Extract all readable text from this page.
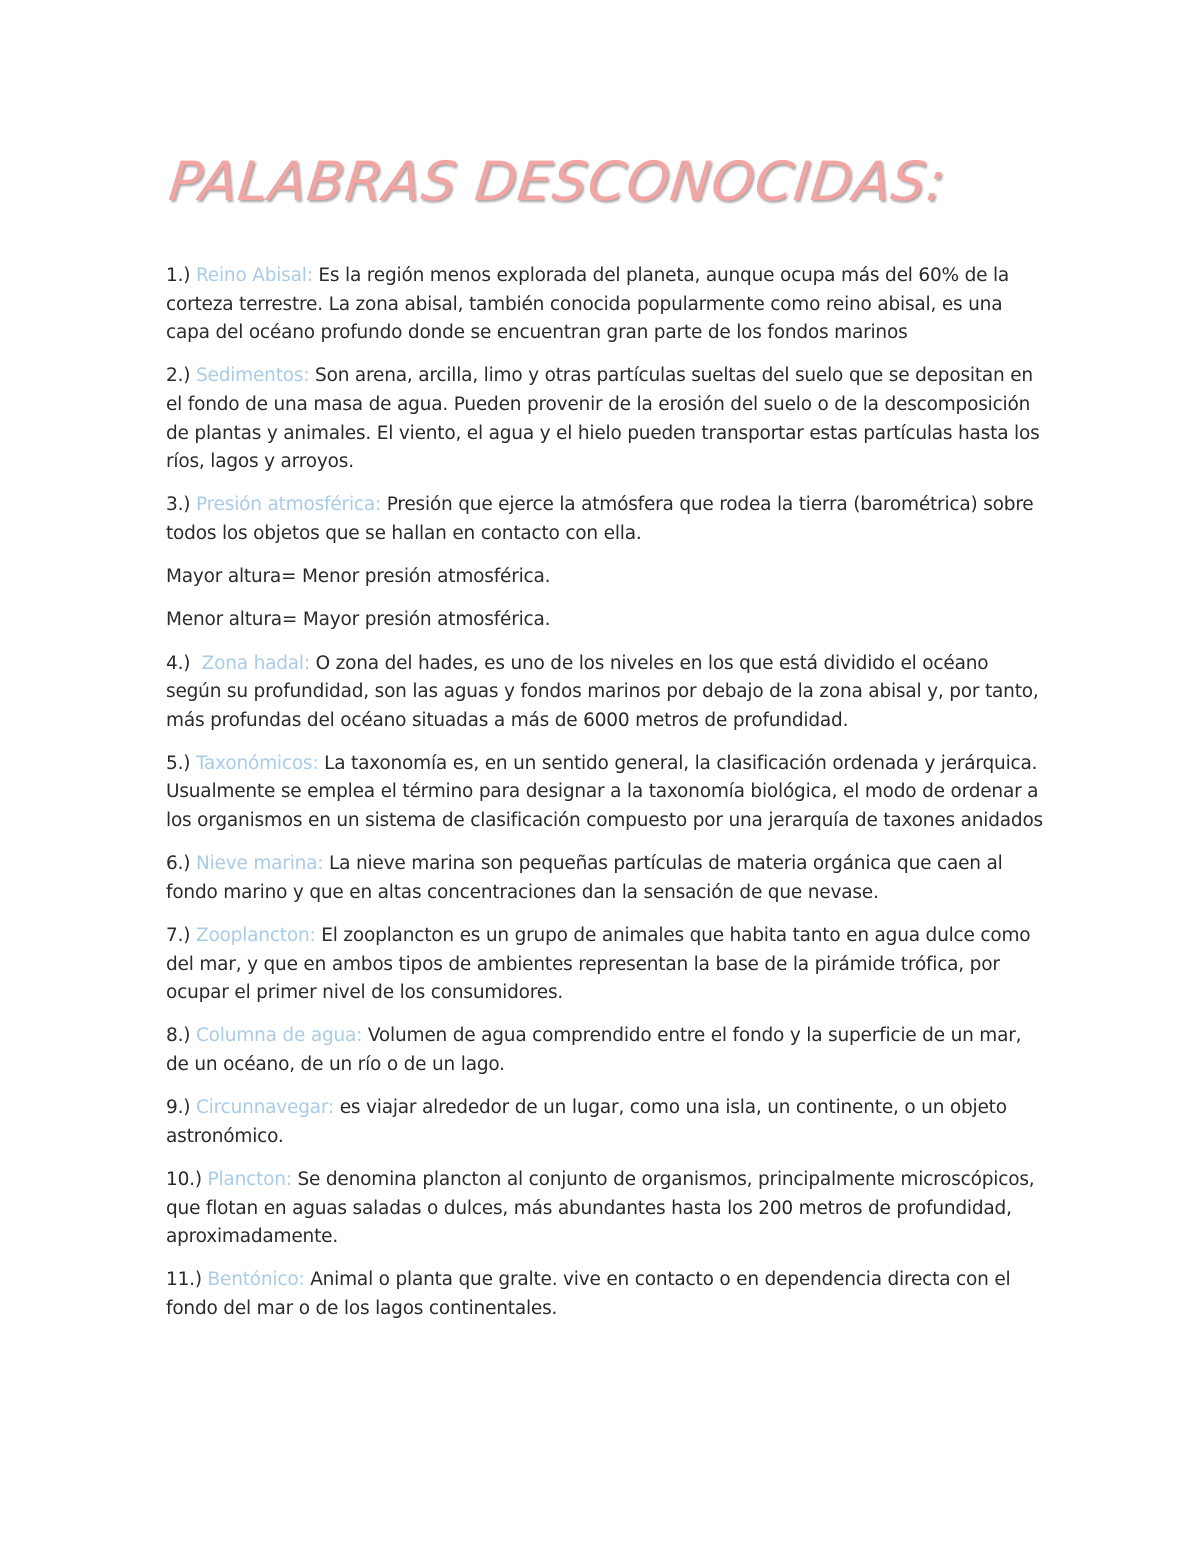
PALABRAS DESCONOCIDAS:

1.) Reino Abisal: Es la región menos explorada del planeta, aunque ocupa más del 60% de la corteza terrestre. La zona abisal, también conocida popularmente como reino abisal, es una capa del océano profundo donde se encuentran gran parte de los fondos marinos

2.) Sedimentos: Son arena, arcilla, limo y otras partículas sueltas del suelo que se depositan en el fondo de una masa de agua. Pueden provenir de la erosión del suelo o de la descomposición de plantas y animales. El viento, el agua y el hielo pueden transportar estas partículas hasta los ríos, lagos y arroyos.

3.) Presión atmosférica: Presión que ejerce la atmósfera que rodea la tierra (barométrica) sobre todos los objetos que se hallan en contacto con ella.

Mayor altura= Menor presión atmosférica.

Menor altura= Mayor presión atmosférica.

4.) Zona hadal: O zona del hades, es uno de los niveles en los que está dividido el océano según su profundidad, son las aguas y fondos marinos por debajo de la zona abisal y, por tanto, más profundas del océano situadas a más de 6000 metros de profundidad.

5.) Taxonómicos: La taxonomía es, en un sentido general, la clasificación ordenada y jerárquica. Usualmente se emplea el término para designar a la taxonomía biológica, el modo de ordenar a los organismos en un sistema de clasificación compuesto por una jerarquía de taxones anidados

6.) Nieve marina: La nieve marina son pequeñas partículas de materia orgánica que caen al fondo marino y que en altas concentraciones dan la sensación de que nevase.

7.) Zooplancton: El zooplancton es un grupo de animales que habita tanto en agua dulce como del mar, y que en ambos tipos de ambientes representan la base de la pirámide trófica, por ocupar el primer nivel de los consumidores.

8.) Columna de agua: Volumen de agua comprendido entre el fondo y la superficie de un mar, de un océano, de un río o de un lago.

9.) Circunnavegar: es viajar alrededor de un lugar, como una isla, un continente, o un objeto astronómico.

10.) Plancton: Se denomina plancton al conjunto de organismos, principalmente microscópicos, que flotan en aguas saladas o dulces, más abundantes hasta los 200 metros de profundidad, aproximadamente.

11.) Bentónico: Animal o planta que gralte. vive en contacto o en dependencia directa con el fondo del mar o de los lagos continentales.
